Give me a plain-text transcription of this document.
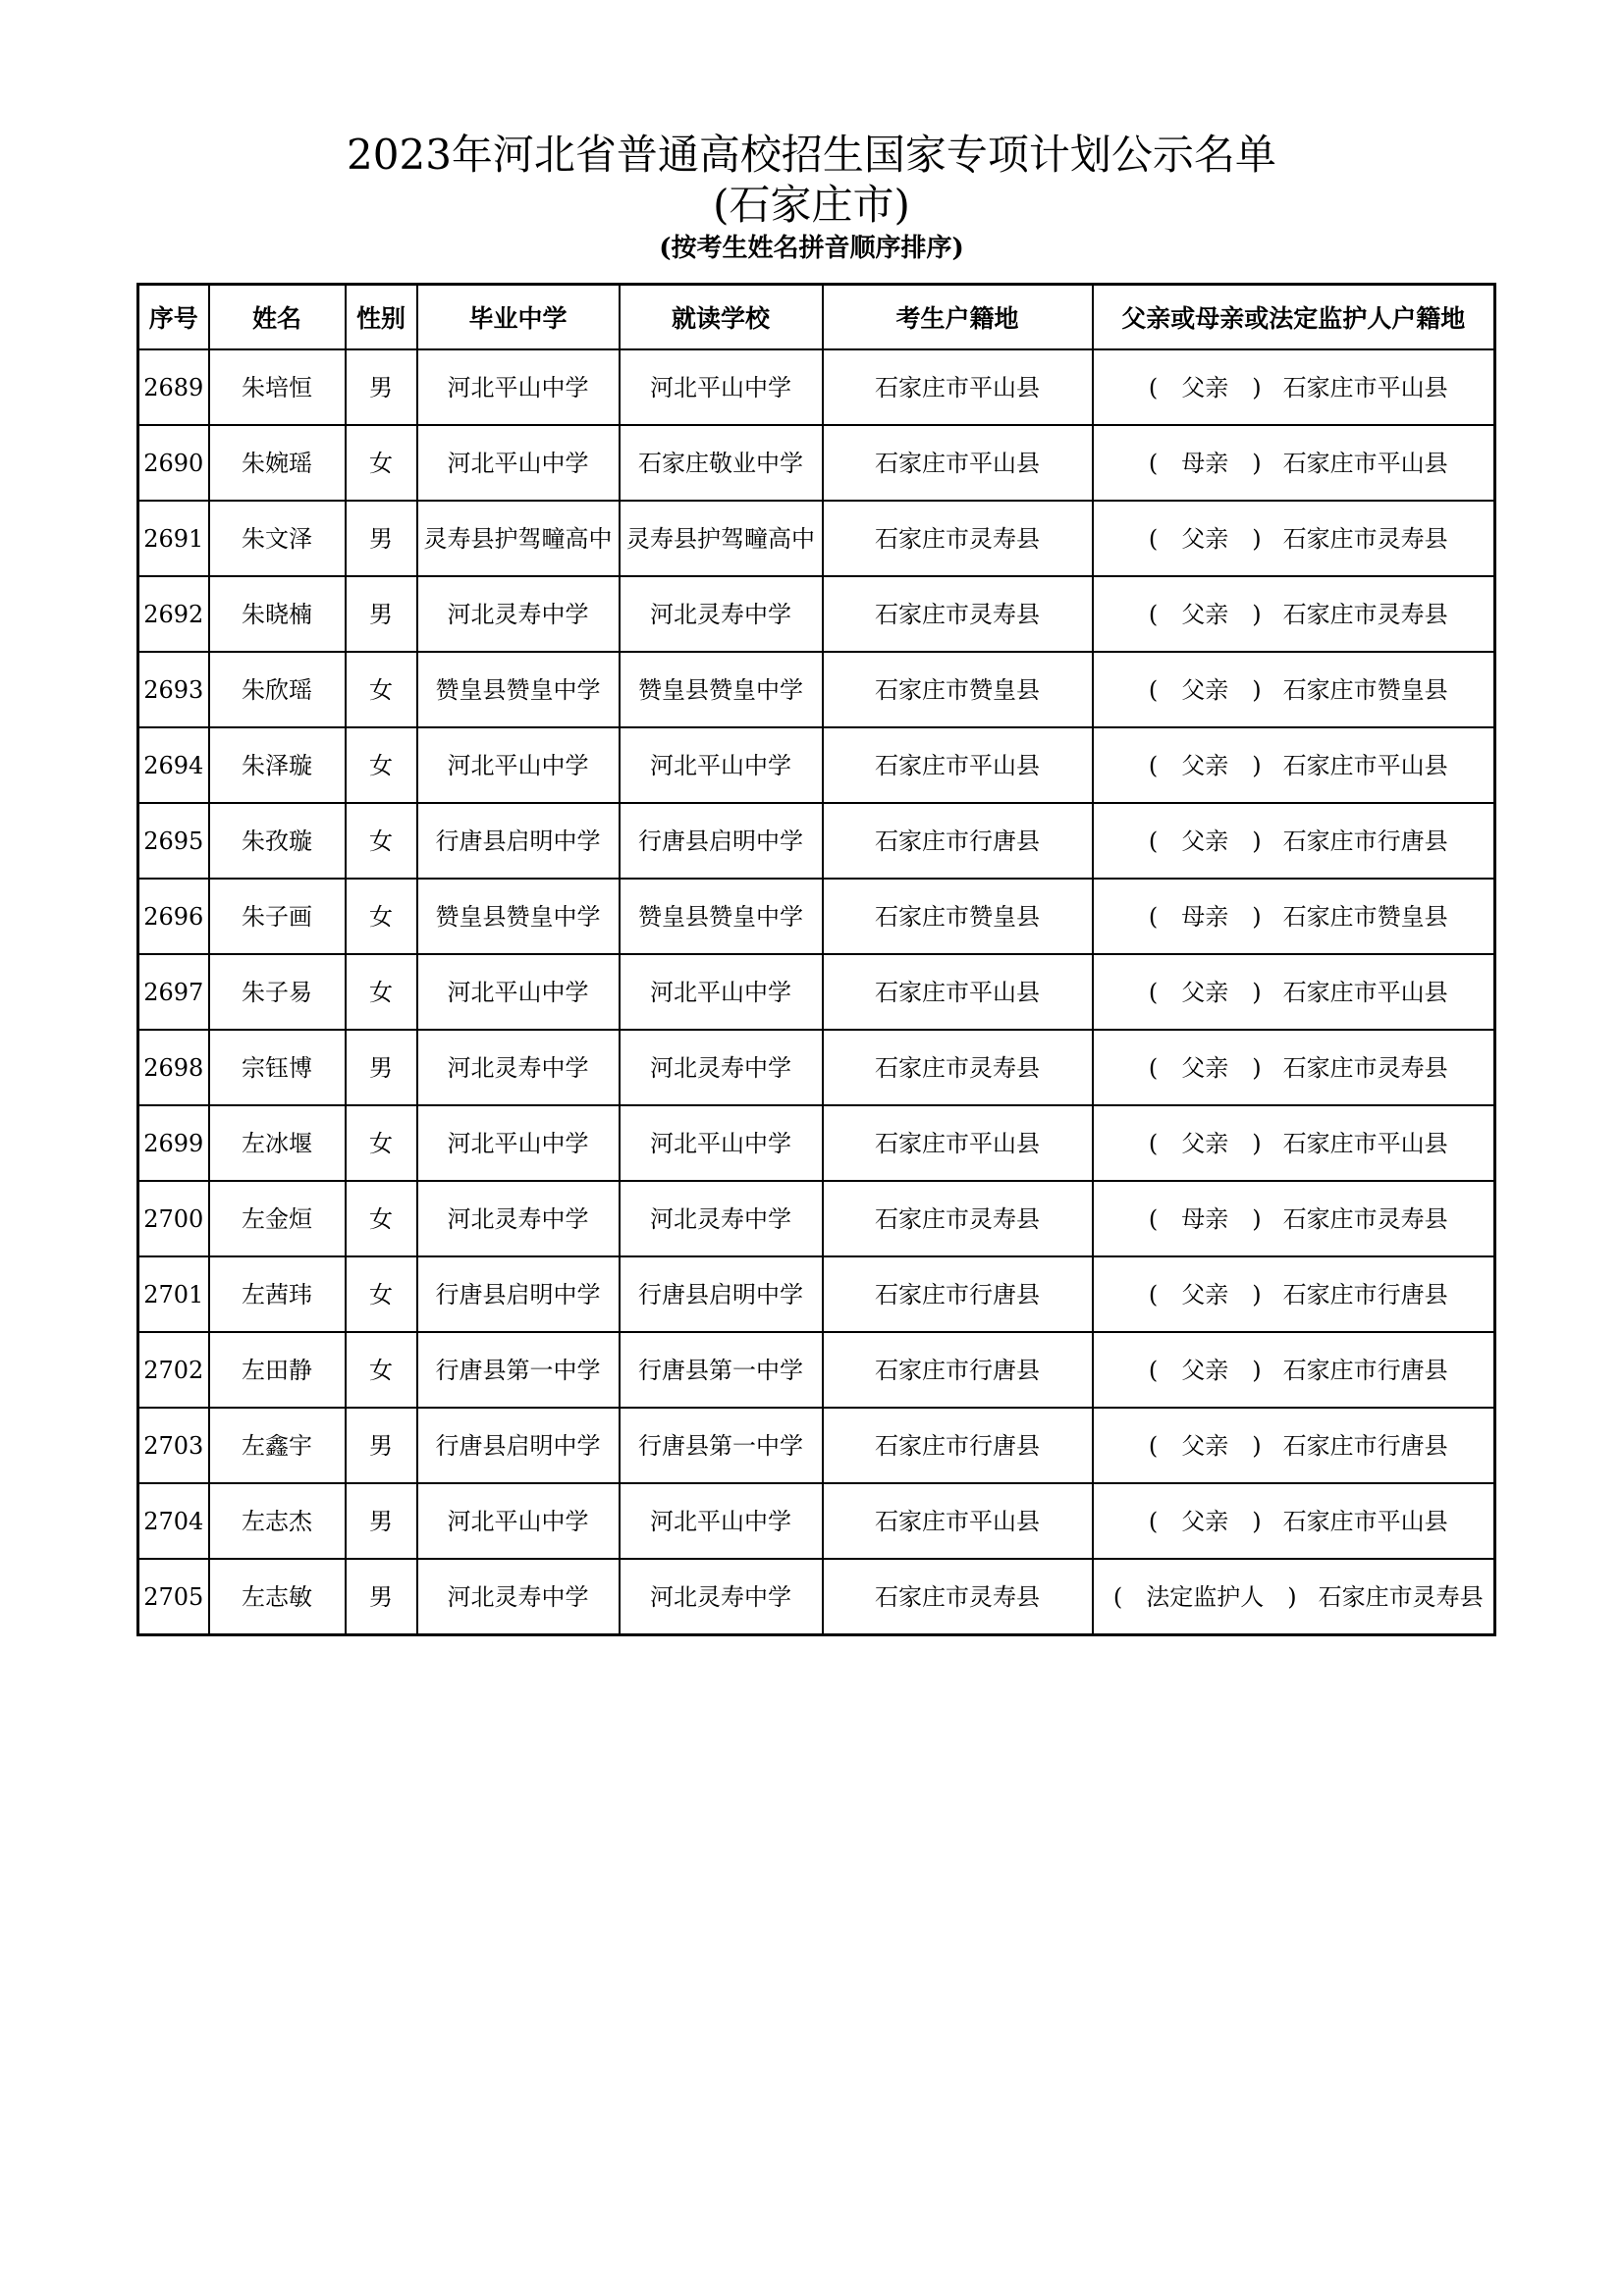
2023年河北省普通高校招生国家专项计划公示名单
(石家庄市)
(按考生姓名拼音顺序排序)
序号	姓名	性别	毕业中学	就读学校	考生户籍地	父亲或母亲或法定监护人户籍地
2689	朱培恒	男	河北平山中学	河北平山中学	石家庄市平山县	( 父亲 ) 石家庄市平山县
2690	朱婉瑶	女	河北平山中学	石家庄敬业中学	石家庄市平山县	( 母亲 ) 石家庄市平山县
2691	朱文泽	男	灵寿县护驾疃高中	灵寿县护驾疃高中	石家庄市灵寿县	( 父亲 ) 石家庄市灵寿县
2692	朱晓楠	男	河北灵寿中学	河北灵寿中学	石家庄市灵寿县	( 父亲 ) 石家庄市灵寿县
2693	朱欣瑶	女	赞皇县赞皇中学	赞皇县赞皇中学	石家庄市赞皇县	( 父亲 ) 石家庄市赞皇县
2694	朱泽璇	女	河北平山中学	河北平山中学	石家庄市平山县	( 父亲 ) 石家庄市平山县
2695	朱孜璇	女	行唐县启明中学	行唐县启明中学	石家庄市行唐县	( 父亲 ) 石家庄市行唐县
2696	朱子画	女	赞皇县赞皇中学	赞皇县赞皇中学	石家庄市赞皇县	( 母亲 ) 石家庄市赞皇县
2697	朱子易	女	河北平山中学	河北平山中学	石家庄市平山县	( 父亲 ) 石家庄市平山县
2698	宗钰博	男	河北灵寿中学	河北灵寿中学	石家庄市灵寿县	( 父亲 ) 石家庄市灵寿县
2699	左冰堰	女	河北平山中学	河北平山中学	石家庄市平山县	( 父亲 ) 石家庄市平山县
2700	左金烜	女	河北灵寿中学	河北灵寿中学	石家庄市灵寿县	( 母亲 ) 石家庄市灵寿县
2701	左茜玮	女	行唐县启明中学	行唐县启明中学	石家庄市行唐县	( 父亲 ) 石家庄市行唐县
2702	左田静	女	行唐县第一中学	行唐县第一中学	石家庄市行唐县	( 父亲 ) 石家庄市行唐县
2703	左鑫宇	男	行唐县启明中学	行唐县第一中学	石家庄市行唐县	( 父亲 ) 石家庄市行唐县
2704	左志杰	男	河北平山中学	河北平山中学	石家庄市平山县	( 父亲 ) 石家庄市平山县
2705	左志敏	男	河北灵寿中学	河北灵寿中学	石家庄市灵寿县	( 法定监护人 ) 石家庄市灵寿县
